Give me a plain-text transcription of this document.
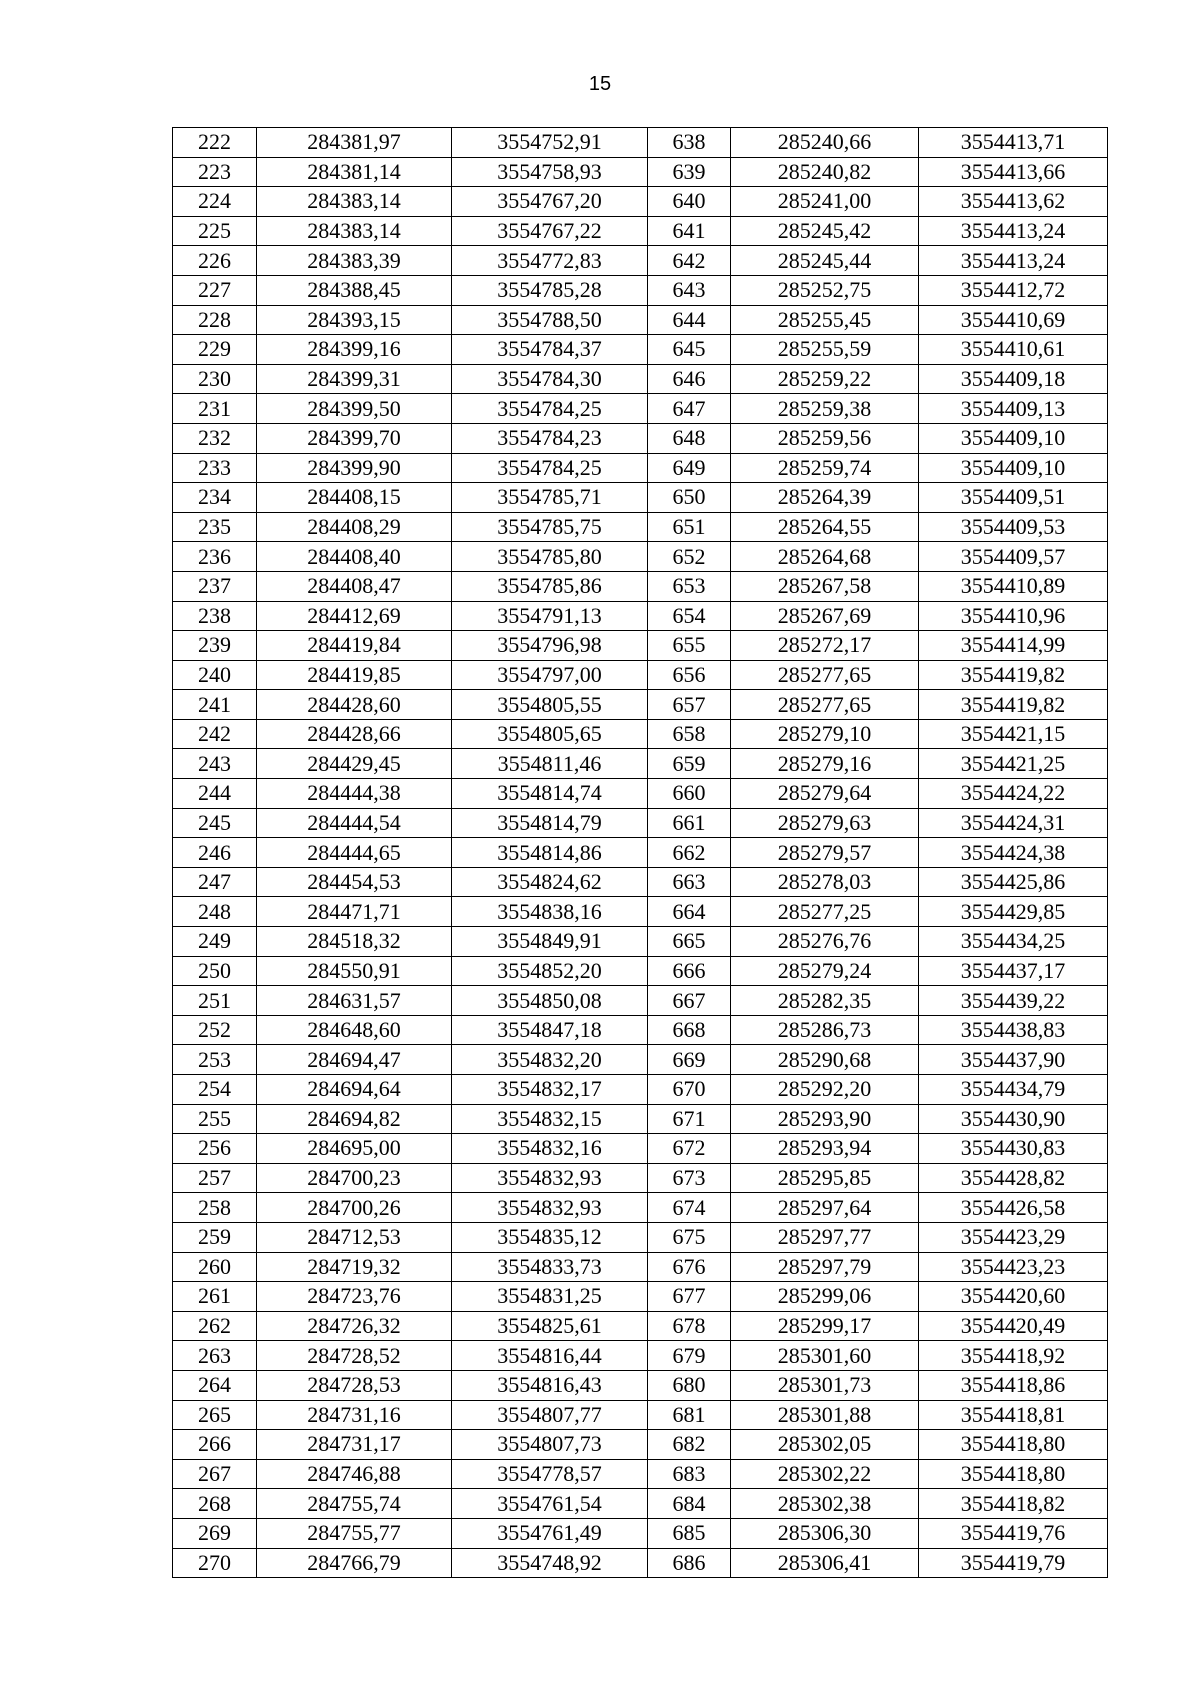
15
222	284381,97	3554752,91	638	285240,66	3554413,71
223	284381,14	3554758,93	639	285240,82	3554413,66
224	284383,14	3554767,20	640	285241,00	3554413,62
225	284383,14	3554767,22	641	285245,42	3554413,24
226	284383,39	3554772,83	642	285245,44	3554413,24
227	284388,45	3554785,28	643	285252,75	3554412,72
228	284393,15	3554788,50	644	285255,45	3554410,69
229	284399,16	3554784,37	645	285255,59	3554410,61
230	284399,31	3554784,30	646	285259,22	3554409,18
231	284399,50	3554784,25	647	285259,38	3554409,13
232	284399,70	3554784,23	648	285259,56	3554409,10
233	284399,90	3554784,25	649	285259,74	3554409,10
234	284408,15	3554785,71	650	285264,39	3554409,51
235	284408,29	3554785,75	651	285264,55	3554409,53
236	284408,40	3554785,80	652	285264,68	3554409,57
237	284408,47	3554785,86	653	285267,58	3554410,89
238	284412,69	3554791,13	654	285267,69	3554410,96
239	284419,84	3554796,98	655	285272,17	3554414,99
240	284419,85	3554797,00	656	285277,65	3554419,82
241	284428,60	3554805,55	657	285277,65	3554419,82
242	284428,66	3554805,65	658	285279,10	3554421,15
243	284429,45	3554811,46	659	285279,16	3554421,25
244	284444,38	3554814,74	660	285279,64	3554424,22
245	284444,54	3554814,79	661	285279,63	3554424,31
246	284444,65	3554814,86	662	285279,57	3554424,38
247	284454,53	3554824,62	663	285278,03	3554425,86
248	284471,71	3554838,16	664	285277,25	3554429,85
249	284518,32	3554849,91	665	285276,76	3554434,25
250	284550,91	3554852,20	666	285279,24	3554437,17
251	284631,57	3554850,08	667	285282,35	3554439,22
252	284648,60	3554847,18	668	285286,73	3554438,83
253	284694,47	3554832,20	669	285290,68	3554437,90
254	284694,64	3554832,17	670	285292,20	3554434,79
255	284694,82	3554832,15	671	285293,90	3554430,90
256	284695,00	3554832,16	672	285293,94	3554430,83
257	284700,23	3554832,93	673	285295,85	3554428,82
258	284700,26	3554832,93	674	285297,64	3554426,58
259	284712,53	3554835,12	675	285297,77	3554423,29
260	284719,32	3554833,73	676	285297,79	3554423,23
261	284723,76	3554831,25	677	285299,06	3554420,60
262	284726,32	3554825,61	678	285299,17	3554420,49
263	284728,52	3554816,44	679	285301,60	3554418,92
264	284728,53	3554816,43	680	285301,73	3554418,86
265	284731,16	3554807,77	681	285301,88	3554418,81
266	284731,17	3554807,73	682	285302,05	3554418,80
267	284746,88	3554778,57	683	285302,22	3554418,80
268	284755,74	3554761,54	684	285302,38	3554418,82
269	284755,77	3554761,49	685	285306,30	3554419,76
270	284766,79	3554748,92	686	285306,41	3554419,79
